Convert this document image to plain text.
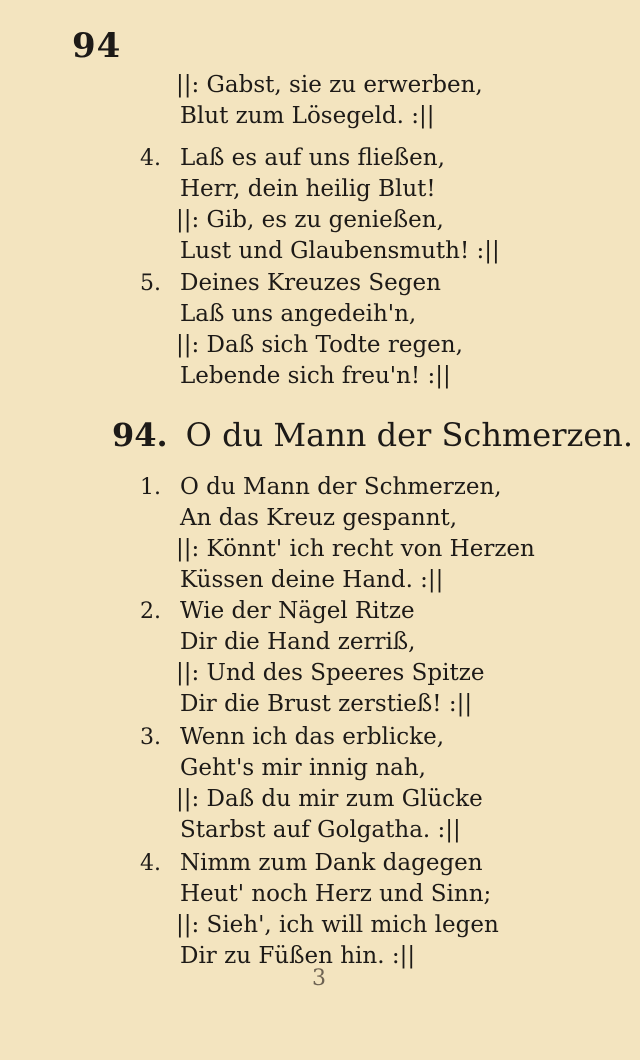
94
||: Gabst, sie zu erwerben,
Blut zum Lösegeld. :||
4. Laß es auf uns fließen,
Herr, dein heilig Blut!
||: Gib, es zu genießen,
Lust und Glaubensmuth! :||
5. Deines Kreuzes Segen
Laß uns angedeih'n,
||: Daß sich Todte regen,
Lebende sich freu'n! :||
94. O du Mann der Schmerzen.
1. O du Mann der Schmerzen,
An das Kreuz gespannt,
||: Könnt' ich recht von Herzen
Küssen deine Hand. :||
2. Wie der Nägel Ritze
Dir die Hand zerriß,
||: Und des Speeres Spitze
Dir die Brust zerstieß! :||
3. Wenn ich das erblicke,
Geht's mir innig nah,
||: Daß du mir zum Glücke
Starbst auf Golgatha. :||
4. Nimm zum Dank dagegen
Heut' noch Herz und Sinn;
||: Sieh', ich will mich legen
Dir zu Füßen hin. :||
3
